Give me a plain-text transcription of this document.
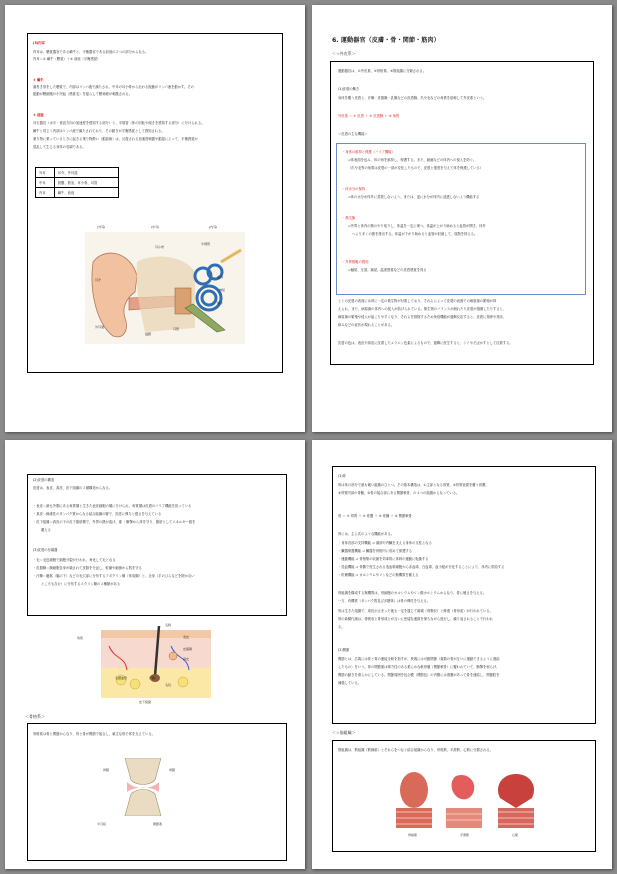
(3)内耳
内耳は、聴覚器官である蝸牛と、平衡器官である前庭の２つの部分からなる。
内耳＝① 蝸牛（聴覚）＋② 前庭（平衡感覚）
① 蝸牛
渦巻き形をした聴覚で、内部はリンパ液で満たされ、中耳の耳小骨から伝わる振動がリンパ液を動かす。その
振動が聴細胞の小突起（感覚毛）を揺らして聴神経が刺激される。
② 前庭
耳石器官（水平・垂直方向の加速度を感知する部分）と、半規管（体の回転や傾きを感知する部分）に分けられる。
蝸牛と同じく内部はリンパ液で満たされており、その動きが平衡感覚として感知される。
乗り物に乗っているときに起きる乗り物酔い（動揺病）は、反復される加速度刺激や動揺によって、平衡感覚が
混乱して生じる身体の変調である。
外耳	耳介、外耳道
中耳	鼓膜、鼓室、耳小骨、耳管
内耳	蝸牛、前庭
(外耳)	(中耳)	(内耳)
耳小骨
半規管
耳介
前庭
神経
蝸牛
外耳道
鼓膜
耳管
6. 運動器官（皮膚・骨・関節・筋肉）
＜☆外皮系＞
運動器官は、①外皮系、②骨格系、③筋組織に分類される。
(1)皮膚の働き
身体を覆う皮膚と、汗腺・皮脂腺・乳腺などの皮膚腺、爪や毛などの角質を総称して外皮系という。
外皮系 ＝ ① 皮膚 ＋ ② 皮膚腺 ＋ ③ 角質
＜皮膚の主な機能＞
・身体の維持と保護（バリア機能）
⇒体表面を包み、体の形を維持し、保護する。また、細菌などの体内への侵入を防ぐ。
（爪や毛等の角質は皮膚の一部が変化したもので、皮膚と強度を与えて体を保護している）
・体水分の保持
⇒体の水分が体外に蒸発しないよう、または、逆に水分が体内に浸透しないよう機能する
・熱交換
⇒外界と体内の熱のやり取りし、体温を一定に保つ。体温が上がり始めると血管が開き、体外
へより多くの熱を排出する。体温が下がり始めると血管が収縮して、放熱を抑える。
・外界情報の感知
⇒触覚、圧覚、痛覚、温度感覚などの皮膚感覚を得る
ヒトの皮膚の表面には常に一定の微生物が付着しており、それらによって皮膚の表面での病原菌の繁殖が抑
えられ、また、病原菌の体内への侵入が妨げられている。微生物のバランスが崩れたり皮膚が損傷したりすると、
病原菌の繁殖や侵入が起こりやすくなり、それらを排除するため免疫機能が過剰反応すると、皮膚に発疹や発赤、
痒みなどの症状が現れることがある。
皮膚の色は、表皮や真皮に沈着したメラニン色素によるもので、過剰に産生すると、シミやそばかすとして沈着する。
(2)皮膚の構造
皮膚は、表皮、真皮、皮下組織の３層構造からなる。
・表皮＝最も外側にある角質層と生きた表皮細胞の層に分けられ、角質層は皮膚のバリア機能を担っている
・真皮＝線維性のタンパク質からなる結合組織の層で、皮膚に弾力と強さを与えている
・皮下組織＝真皮の下の皮下脂肪層で、外界の熱が逃げ、重 ・衝撃から体を守り、脂肪としてエネルギー源を
蓄える
(3)皮膚の付属器
・毛＝毛包細胞で細胞分裂が行われ、角化して毛となる
・皮脂腺＝腺細胞自身が壊されて皮脂を分泌し、乾燥や細菌から肌を守る
・汗腺＝腋窩（脇の下）などの毛穴部に分布するアポクリン腺（体臭腺）と、全身（手のひらなどを除かない
ところも含む）に分布するエクリン腺の２種類がある
毛幹
角質	表皮
皮脂腺
真皮
毛細血管	汗腺
毛包
皮下組織
＜骨格系＞
骨格系は骨と関節からなり、骨と骨が関節で接合し、頑丈な形で体を支えている。
骨膜	骨膜
半月板	関節液
(1)骨
骨は体の部分で最も硬い組織のひとつ。その基本構造は、①主部となる骨質、②骨質表面を覆う骨膜、
③骨質内部の骨髄、④骨の接合部にある関節軟骨、の４つの組織からなっている。
骨 ＝ ① 骨質 ＋ ② 骨膜 ＋ ③ 骨髄 ＋ ④ 関節軟骨
骨には、主に次のような機能がある。
・身体各部の支持機能 ⇒ 頭部や内臓を支える身体の支柱となる
・臓器保護機能 ⇒ 臓器を骨格内に収めて保護する
・運動機能 ⇒ 骨格筋の収縮を効率的に体幹の運動に転換する
・造血機能 ⇒ 骨髄で産生される造血幹細胞から赤血球、白血球、血小板が分化することにより、体内に供給する
・貯蔵機能 ⇒ カルシウムやリンなどの無機質を蓄える
骨組織を構成する無機質は、骨細胞のカルシウムやリン酸カルシウムからなり、骨に硬さを与える。
一方、有機質（タンパク質及び多糖体）は骨の弾性を与える。
骨は生きた組織で、成長が止まった後も一定を通じて破壊（骨吸収）と修復（骨形成）が行われている。
骨の新陳代謝は、骨吸収と骨形成とが互いに密接な連絡を保ちながら進行し、繰り返されることで行われ
る。
(2)関節
関節とは、広義には骨と骨の連接全般を指すが、狭義には可動関節（複数の骨が互いに運動できるように連結
したもの）をいう。骨の関節面は弾力性のある柔らかな軟骨層（関節軟骨）に覆われていて、衝撃を和らげ、
関節の動きを滑らかにしている。関節周囲を包む膜（関節包）の内側には滑膜があって骨を連結し、関節腔を
補強している。
＜☆筋組織＞
筋組織は、筋組織（筋線維）とそれらをつなぐ結合組織からなり、骨格筋、平滑筋、心筋に分類される。
骨格筋	平滑筋	心筋
